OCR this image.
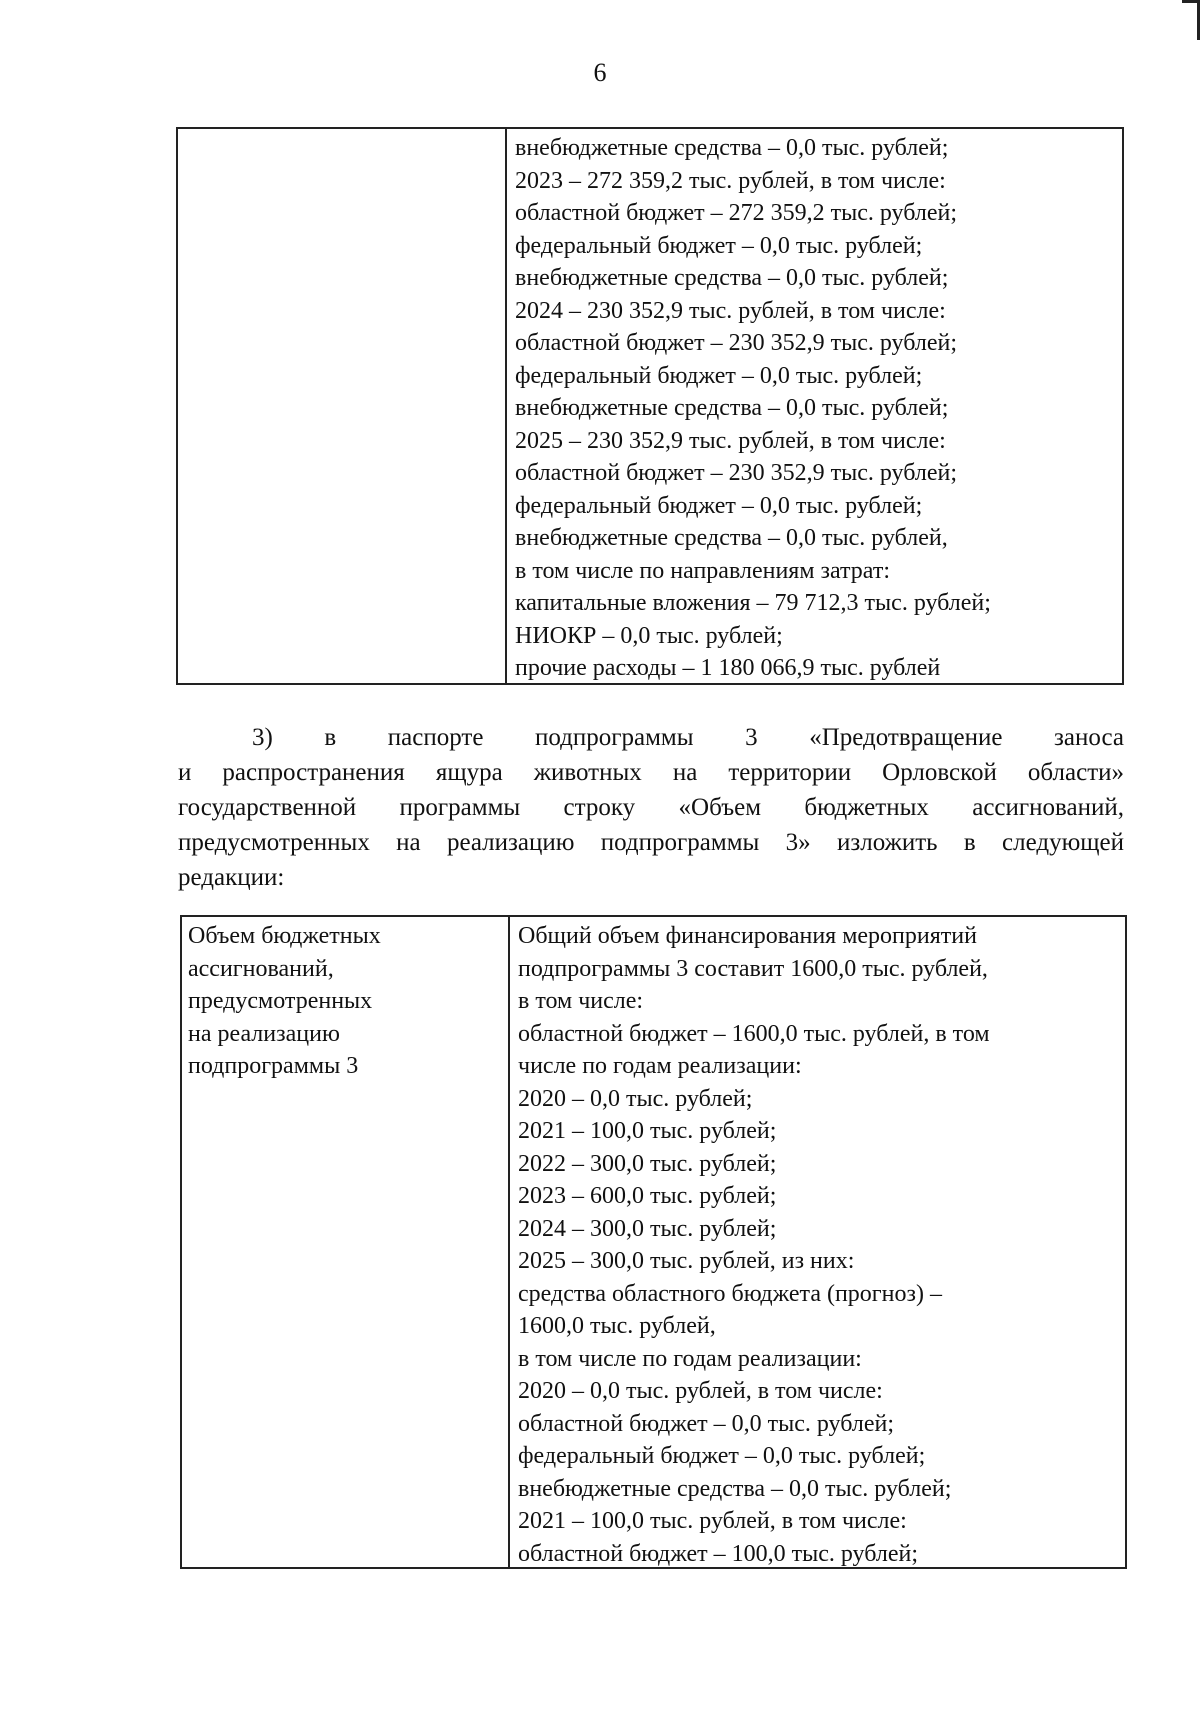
6
внебюджетные средства – 0,0 тыс. рублей;
2023 – 272 359,2 тыс. рублей, в том числе:
областной бюджет – 272 359,2 тыс. рублей;
федеральный бюджет – 0,0 тыс. рублей;
внебюджетные средства – 0,0 тыс. рублей;
2024 – 230 352,9 тыс. рублей, в том числе:
областной бюджет – 230 352,9 тыс. рублей;
федеральный бюджет – 0,0 тыс. рублей;
внебюджетные средства – 0,0 тыс. рублей;
2025 – 230 352,9 тыс. рублей, в том числе:
областной бюджет – 230 352,9 тыс. рублей;
федеральный бюджет – 0,0 тыс. рублей;
внебюджетные средства – 0,0 тыс. рублей,
в том числе по направлениям затрат:
капитальные вложения – 79 712,3 тыс. рублей;
НИОКР – 0,0 тыс. рублей;
прочие расходы – 1 180 066,9 тыс. рублей
3) в паспорте подпрограммы 3 «Предотвращение заноса
и распространения ящура животных на территории Орловской области»
государственной программы строку «Объем бюджетных ассигнований,
предусмотренных на реализацию подпрограммы 3» изложить в следующей
редакции:
Объем бюджетных
ассигнований,
предусмотренных
на реализацию
подпрограммы 3
Общий объем финансирования мероприятий
подпрограммы 3 составит 1600,0 тыс. рублей,
в том числе:
областной бюджет – 1600,0 тыс. рублей, в том
числе по годам реализации:
2020 – 0,0 тыс. рублей;
2021 – 100,0 тыс. рублей;
2022 – 300,0 тыс. рублей;
2023 – 600,0 тыс. рублей;
2024 – 300,0 тыс. рублей;
2025 – 300,0 тыс. рублей, из них:
средства областного бюджета (прогноз) –
1600,0 тыс. рублей,
в том числе по годам реализации:
2020 – 0,0 тыс. рублей, в том числе:
областной бюджет – 0,0 тыс. рублей;
федеральный бюджет – 0,0 тыс. рублей;
внебюджетные средства – 0,0 тыс. рублей;
2021 – 100,0 тыс. рублей, в том числе:
областной бюджет – 100,0 тыс. рублей;
